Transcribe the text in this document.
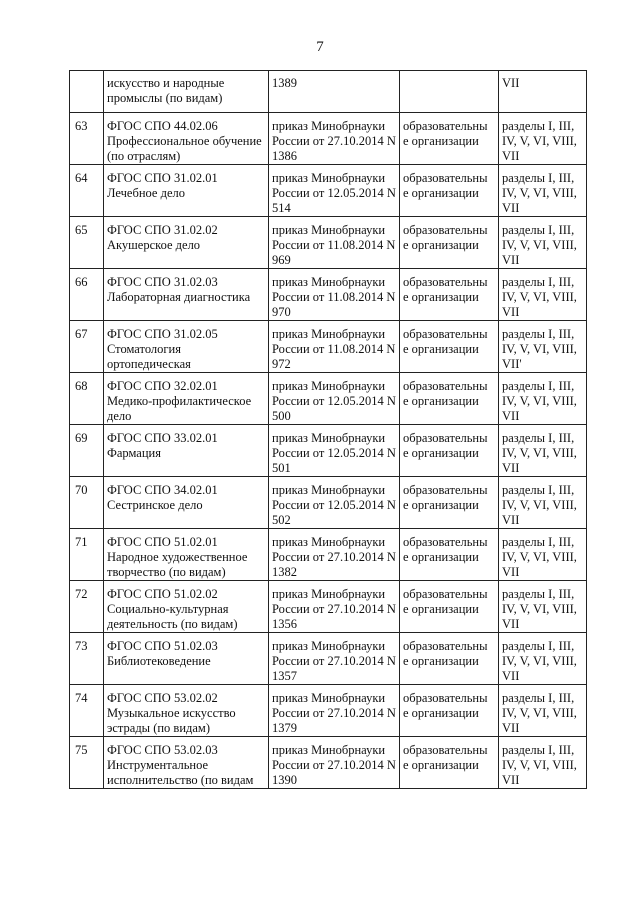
7
	искусство и народные
промыслы (по видам)	1389		VII
63	ФГОС СПО 44.02.06
Профессиональное обучение
(по отраслям)	приказ Минобрнауки
России от 27.10.2014 N
1386	образовательны
е организации	разделы I, III,
IV, V, VI, VIII,
VII
64	ФГОС СПО 31.02.01
Лечебное дело	приказ Минобрнауки
России от 12.05.2014 N
514	образовательны
е организации	разделы I, III,
IV, V, VI, VIII,
VII
65	ФГОС СПО 31.02.02
Акушерское дело	приказ Минобрнауки
России от 11.08.2014 N
969	образовательны
е организации	разделы I, III,
IV, V, VI, VIII,
VII
66	ФГОС СПО 31.02.03
Лабораторная диагностика	приказ Минобрнауки
России от 11.08.2014 N
970	образовательны
е организации	разделы I, III,
IV, V, VI, VIII,
VII
67	ФГОС СПО 31.02.05
Стоматология
ортопедическая	приказ Минобрнауки
России от 11.08.2014 N
972	образовательны
е организации	разделы I, III,
IV, V, VI, VIII,
VII'
68	ФГОС СПО 32.02.01
Медико-профилактическое
дело	приказ Минобрнауки
России от 12.05.2014 N
500	образовательны
е организации	разделы I, III,
IV, V, VI, VIII,
VII
69	ФГОС СПО 33.02.01
Фармация	приказ Минобрнауки
России от 12.05.2014 N
501	образовательны
е организации	разделы I, III,
IV, V, VI, VIII,
VII
70	ФГОС СПО 34.02.01
Сестринское дело	приказ Минобрнауки
России от 12.05.2014 N
502	образовательны
е организации	разделы I, III,
IV, V, VI, VIII,
VII
71	ФГОС СПО 51.02.01
Народное художественное
творчество (по видам)	приказ Минобрнауки
России от 27.10.2014 N
1382	образовательны
е организации	разделы I, III,
IV, V, VI, VIII,
VII
72	ФГОС СПО 51.02.02
Социально-культурная
деятельность (по видам)	приказ Минобрнауки
России от 27.10.2014 N
1356	образовательны
е организации	разделы I, III,
IV, V, VI, VIII,
VII
73	ФГОС СПО 51.02.03
Библиотековедение	приказ Минобрнауки
России от 27.10.2014 N
1357	образовательны
е организации	разделы I, III,
IV, V, VI, VIII,
VII
74	ФГОС СПО 53.02.02
Музыкальное искусство
эстрады (по видам)	приказ Минобрнауки
России от 27.10.2014 N
1379	образовательны
е организации	разделы I, III,
IV, V, VI, VIII,
VII
75	ФГОС СПО 53.02.03
Инструментальное
исполнительство (по видам	приказ Минобрнауки
России от 27.10.2014 N
1390	образовательны
е организации	разделы I, III,
IV, V, VI, VIII,
VII
